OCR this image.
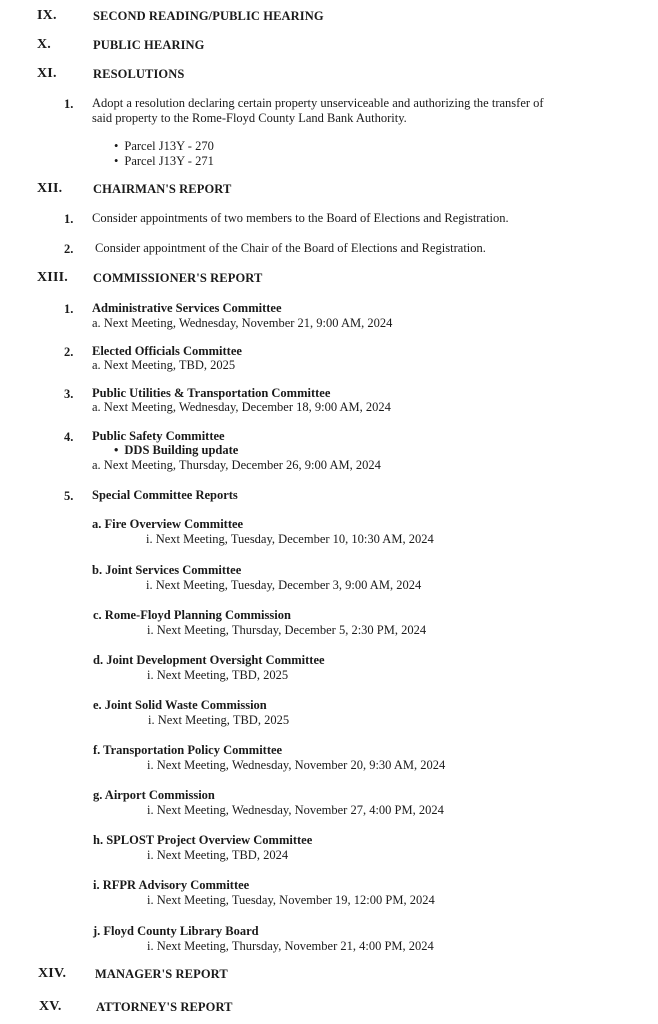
IX.	SECOND READING/PUBLIC HEARING
X.	PUBLIC HEARING
XI.	RESOLUTIONS
1. Adopt a resolution declaring certain property unserviceable and authorizing the transfer of
said property to the Rome-Floyd County Land Bank Authority.
• Parcel J13Y - 270
• Parcel J13Y - 271
XII. CHAIRMAN'S REPORT
1. Consider appointments of two members to the Board of Elections and Registration.
2. Consider appointment of the Chair of the Board of Elections and Registration.
XIII. COMMISSIONER'S REPORT
1. Administrative Services Committee
a. Next Meeting, Wednesday, November 21, 9:00 AM, 2024
2. Elected Officials Committee
a. Next Meeting, TBD, 2025
3. Public Utilities & Transportation Committee
a. Next Meeting, Wednesday, December 18, 9:00 AM, 2024
4. Public Safety Committee
• DDS Building update
a. Next Meeting, Thursday, December 26, 9:00 AM, 2024
5. Special Committee Reports
a. Fire Overview Committee
i. Next Meeting, Tuesday, December 10, 10:30 AM, 2024
b. Joint Services Committee
i. Next Meeting, Tuesday, December 3, 9:00 AM, 2024
c. Rome-Floyd Planning Commission
i. Next Meeting, Thursday, December 5, 2:30 PM, 2024
d. Joint Development Oversight Committee
i. Next Meeting, TBD, 2025
e. Joint Solid Waste Commission
i. Next Meeting, TBD, 2025
f. Transportation Policy Committee
i. Next Meeting, Wednesday, November 20, 9:30 AM, 2024
g. Airport Commission
i. Next Meeting, Wednesday, November 27, 4:00 PM, 2024
h. SPLOST Project Overview Committee
i. Next Meeting, TBD, 2024
i. RFPR Advisory Committee
i. Next Meeting, Tuesday, November 19, 12:00 PM, 2024
j. Floyd County Library Board
i. Next Meeting, Thursday, November 21, 4:00 PM, 2024
XIV. MANAGER'S REPORT
XV.	ATTORNEY'S REPORT
